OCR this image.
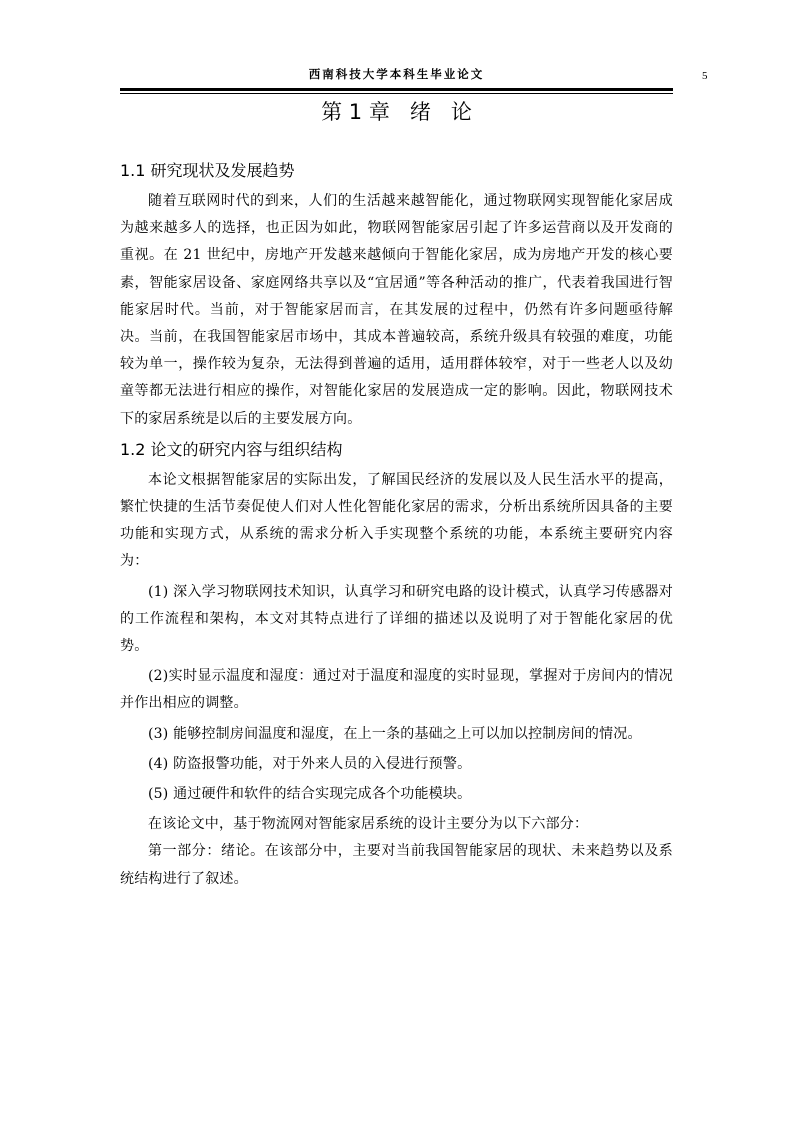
西南科技大学本科生毕业论文	5
第 1 章   绪   论
1.1 研究现状及发展趋势

随着互联网时代的到来，人们的生活越来越智能化，通过物联网实现智能化家居成为越来越多人的选择，也正因为如此，物联网智能家居引起了许多运营商以及开发商的重视。在 21 世纪中，房地产开发越来越倾向于智能化家居，成为房地产开发的核心要素，智能家居设备、家庭网络共享以及“宜居通”等各种活动的推广，代表着我国进行智能家居时代。当前，对于智能家居而言，在其发展的过程中，仍然有许多问题亟待解决。当前，在我国智能家居市场中，其成本普遍较高，系统升级具有较强的难度，功能较为单一，操作较为复杂，无法得到普遍的适用，适用群体较窄，对于一些老人以及幼童等都无法进行相应的操作，对智能化家居的发展造成一定的影响。因此，物联网技术下的家居系统是以后的主要发展方向。

1.2 论文的研究内容与组织结构

本论文根据智能家居的实际出发，了解国民经济的发展以及人民生活水平的提高，繁忙快捷的生活节奏促使人们对人性化智能化家居的需求，分析出系统所因具备的主要功能和实现方式，从系统的需求分析入手实现整个系统的功能，本系统主要研究内容为：

(1) 深入学习物联网技术知识，认真学习和研究电路的设计模式，认真学习传感器对的工作流程和架构，本文对其特点进行了详细的描述以及说明了对于智能化家居的优势。

(2)实时显示温度和湿度：通过对于温度和湿度的实时显现，掌握对于房间内的情况并作出相应的调整。

(3) 能够控制房间温度和湿度，在上一条的基础之上可以加以控制房间的情况。

(4) 防盗报警功能，对于外来人员的入侵进行预警。

(5) 通过硬件和软件的结合实现完成各个功能模块。

在该论文中，基于物流网对智能家居系统的设计主要分为以下六部分：

第一部分：绪论。在该部分中，主要对当前我国智能家居的现状、未来趋势以及系统结构进行了叙述。
